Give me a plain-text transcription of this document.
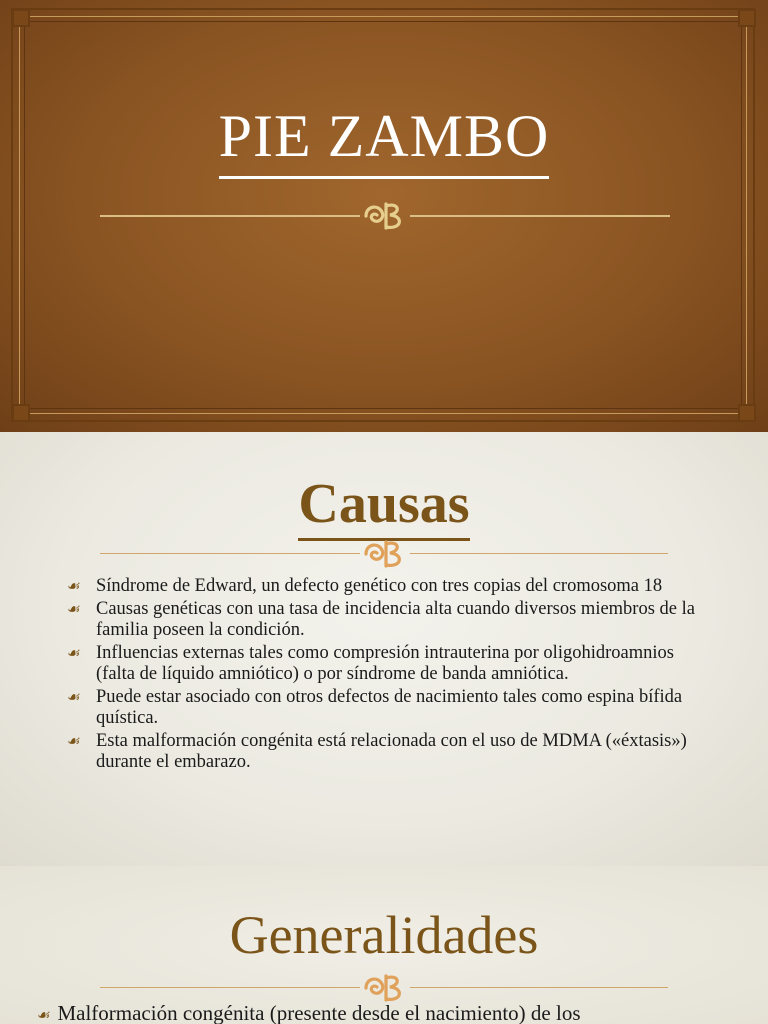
PIE ZAMBO
Causas
☙ Síndrome de Edward, un defecto genético con tres copias del cromosoma 18
☙ Causas genéticas con una tasa de incidencia alta cuando diversos miembros de la familia poseen la condición.
☙ Influencias externas tales como compresión intrauterina por oligohidroamnios (falta de líquido amniótico) o por síndrome de banda amniótica.
☙ Puede estar asociado con otros defectos de nacimiento tales como espina bífida quística.
☙ Esta malformación congénita está relacionada con el uso de MDMA («éxtasis») durante el embarazo.
Generalidades
☙ Malformación congénita (presente desde el nacimiento) de los
